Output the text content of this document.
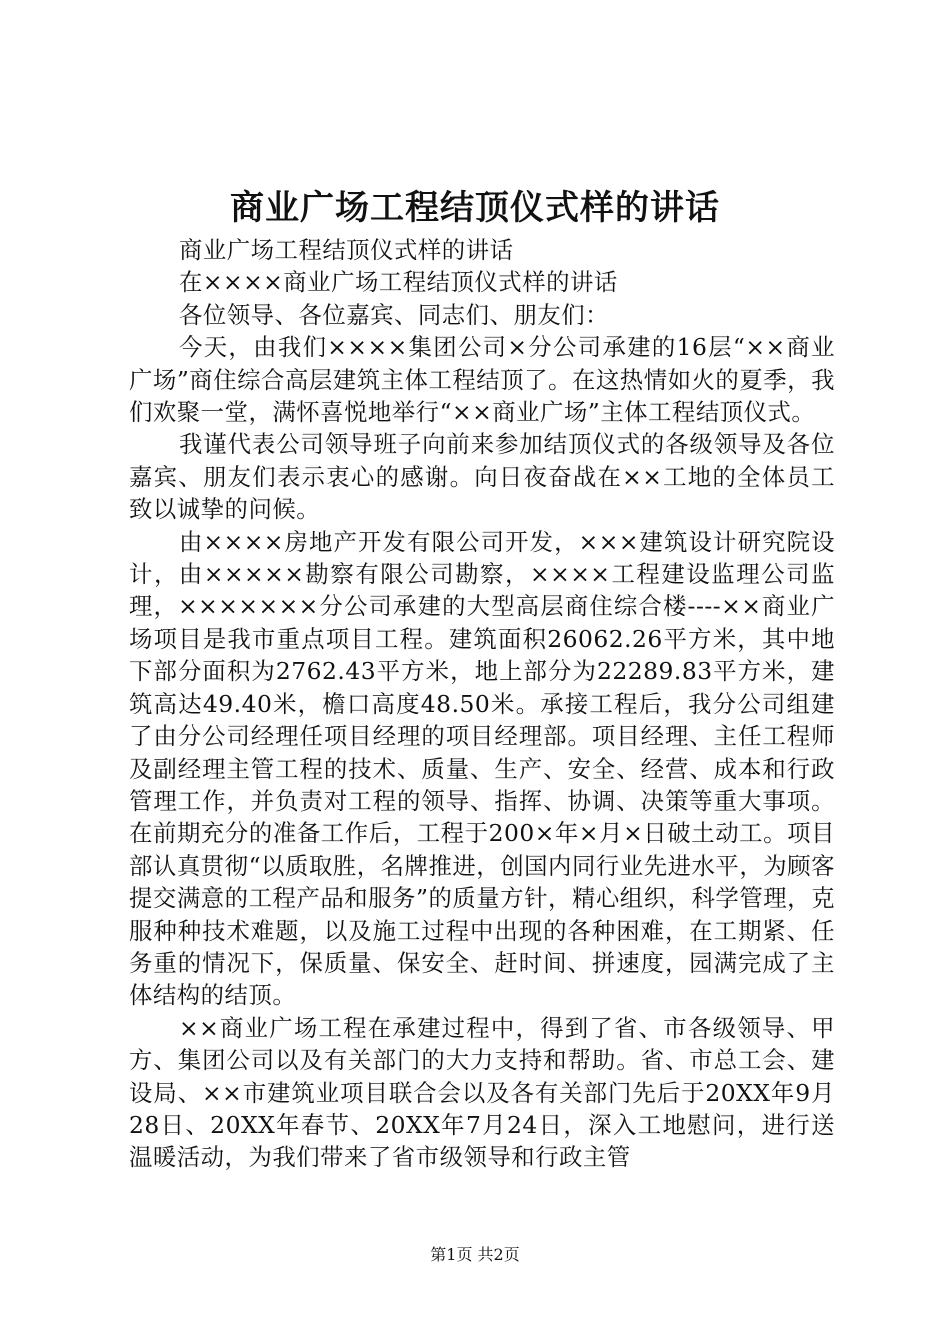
商业广场工程结顶仪式样的讲话

商业广场工程结顶仪式样的讲话

在××××商业广场工程结顶仪式样的讲话

各位领导、各位嘉宾、同志们、朋友们：

今天，由我们××××集团公司×分公司承建的16层“××商业广场”商住综合高层建筑主体工程结顶了。在这热情如火的夏季，我们欢聚一堂，满怀喜悦地举行“××商业广场”主体工程结顶仪式。

我谨代表公司领导班子向前来参加结顶仪式的各级领导及各位嘉宾、朋友们表示衷心的感谢。向日夜奋战在××工地的全体员工致以诚挚的问候。

由××××房地产开发有限公司开发，×××建筑设计研究院设计，由×××××勘察有限公司勘察，××××工程建设监理公司监理，×××××××分公司承建的大型高层商住综合楼----××商业广场项目是我市重点项目工程。建筑面积26062.26平方米，其中地下部分面积为2762.43平方米，地上部分为22289.83平方米，建筑高达49.40米，檐口高度48.50米。承接工程后，我分公司组建了由分公司经理任项目经理的项目经理部。项目经理、主任工程师及副经理主管工程的技术、质量、生产、安全、经营、成本和行政管理工作，并负责对工程的领导、指挥、协调、决策等重大事项。在前期充分的准备工作后，工程于200×年×月×日破土动工。项目部认真贯彻“以质取胜，名牌推进，创国内同行业先进水平，为顾客提交满意的工程产品和服务”的质量方针，精心组织，科学管理，克服种种技术难题，以及施工过程中出现的各种困难，在工期紧、任务重的情况下，保质量、保安全、赶时间、拼速度，园满完成了主体结构的结顶。

××商业广场工程在承建过程中，得到了省、市各级领导、甲方、集团公司以及有关部门的大力支持和帮助。省、市总工会、建设局、××市建筑业项目联合会以及各有关部门先后于20XX年9月28日、20XX年春节、20XX年7月24日，深入工地慰问，进行送温暖活动，为我们带来了省市级领导和行政主管

第1页 共2页
